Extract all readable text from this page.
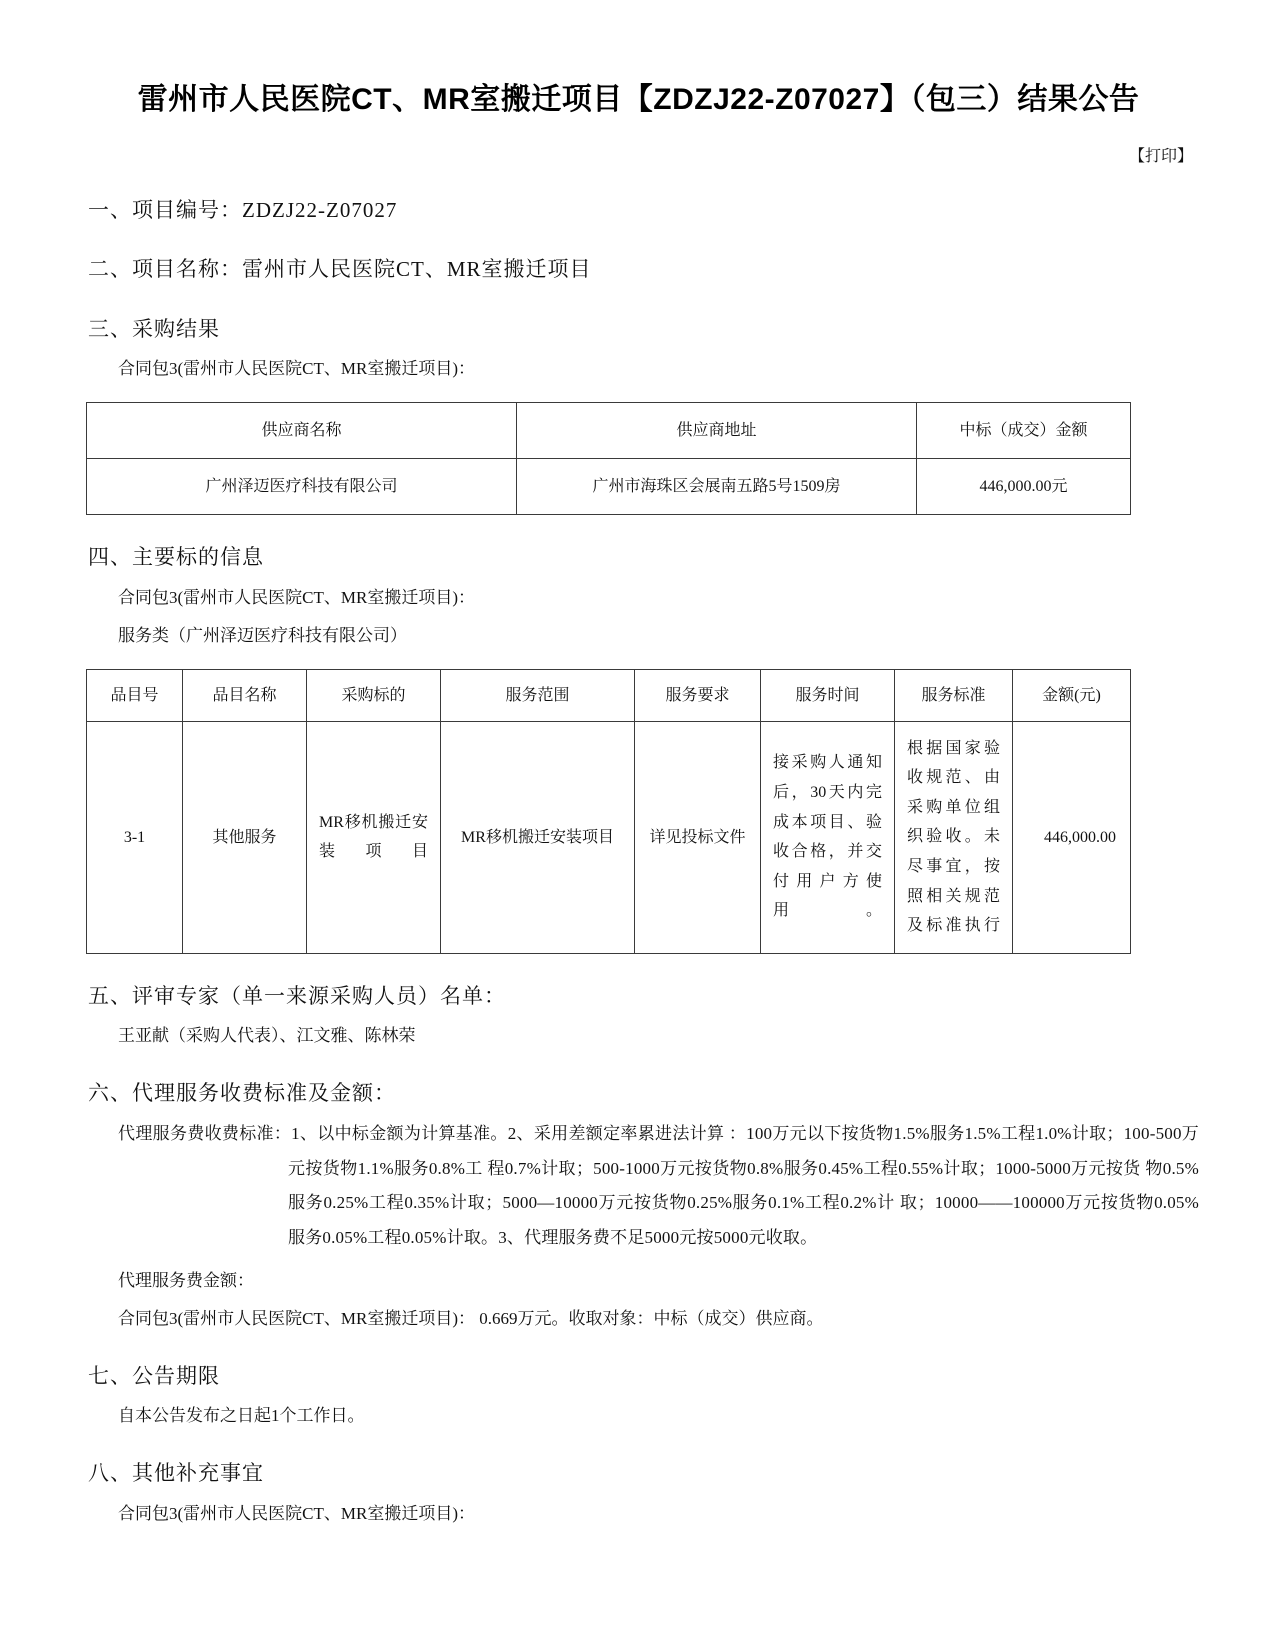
雷州市人民医院CT、MR室搬迁项目【ZDZJ22-Z07027】（包三）结果公告
【打印】
一、项目编号：ZDZJ22-Z07027
二、项目名称：雷州市人民医院CT、MR室搬迁项目
三、采购结果
合同包3(雷州市人民医院CT、MR室搬迁项目)：
供应商名称	供应商地址	中标（成交）金额
广州泽迈医疗科技有限公司	广州市海珠区会展南五路5号1509房	446,000.00元
四、主要标的信息
合同包3(雷州市人民医院CT、MR室搬迁项目)：
服务类（广州泽迈医疗科技有限公司）
品目号	品目名称	采购标的	服务范围	服务要求	服务时间	服务标准	金额(元)
3-1	其他服务	MR移机搬迁安装项目	MR移机搬迁安装项目	详见投标文件	接采购人通知后，30天内完成本项目、验收合格，并交付用户方使用。	根据国家验收规范、由采购单位组织验收。未尽事宜，按照相关规范及标准执行	446,000.00
五、评审专家（单一来源采购人员）名单：
王亚献（采购人代表）、江文雅、陈林荣
六、代理服务收费标准及金额：
代理服务费收费标准：1、以中标金额为计算基准。2、采用差额定率累进法计算 ：100万元以下按货物1.5%服务1.5%工程1.0%计取；100-500万元按货物1.1%服务0.8%工 程0.7%计取；500-1000万元按货物0.8%服务0.45%工程0.55%计取；1000-5000万元按货 物0.5%服务0.25%工程0.35%计取；5000—10000万元按货物0.25%服务0.1%工程0.2%计 取；10000——100000万元按货物0.05%服务0.05%工程0.05%计取。3、代理服务费不足5000元按5000元收取。
代理服务费金额：
合同包3(雷州市人民医院CT、MR室搬迁项目)： 0.669万元。收取对象：中标（成交）供应商。
七、公告期限
自本公告发布之日起1个工作日。
八、其他补充事宜
合同包3(雷州市人民医院CT、MR室搬迁项目)：
